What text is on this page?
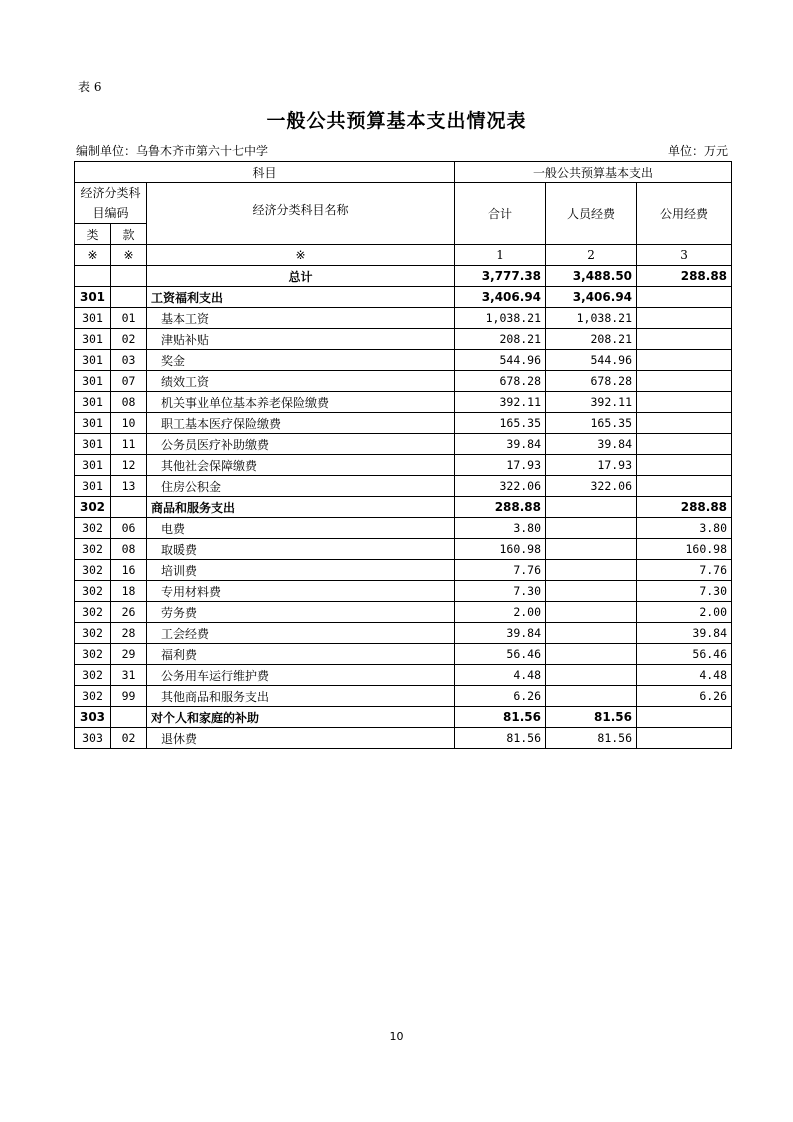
表 6
一般公共预算基本支出情况表
编制单位：乌鲁木齐市第六十七中学	单位：万元
科目			一般公共预算基本支出		

经济分类科
目编码		经济分类科目名称	合计	人员经费	公用经费
类	款				
※	※	※	1	2	3
		总计	3,777.38	3,488.50	288.88
301		工资福利支出	3,406.94	3,406.94	
301	01	基本工资	1,038.21	1,038.21	
301	02	津贴补贴	208.21	208.21	
301	03	奖金	544.96	544.96	
301	07	绩效工资	678.28	678.28	
301	08	机关事业单位基本养老保险缴费	392.11	392.11	
301	10	职工基本医疗保险缴费	165.35	165.35	
301	11	公务员医疗补助缴费	39.84	39.84	
301	12	其他社会保障缴费	17.93	17.93	
301	13	住房公积金	322.06	322.06	
302		商品和服务支出	288.88		288.88
302	06	电费	3.80		3.80
302	08	取暖费	160.98		160.98
302	16	培训费	7.76		7.76
302	18	专用材料费	7.30		7.30
302	26	劳务费	2.00		2.00
302	28	工会经费	39.84		39.84
302	29	福利费	56.46		56.46
302	31	公务用车运行维护费	4.48		4.48
302	99	其他商品和服务支出	6.26		6.26
303		对个人和家庭的补助	81.56	81.56	
303	02	退休费	81.56	81.56	
10
